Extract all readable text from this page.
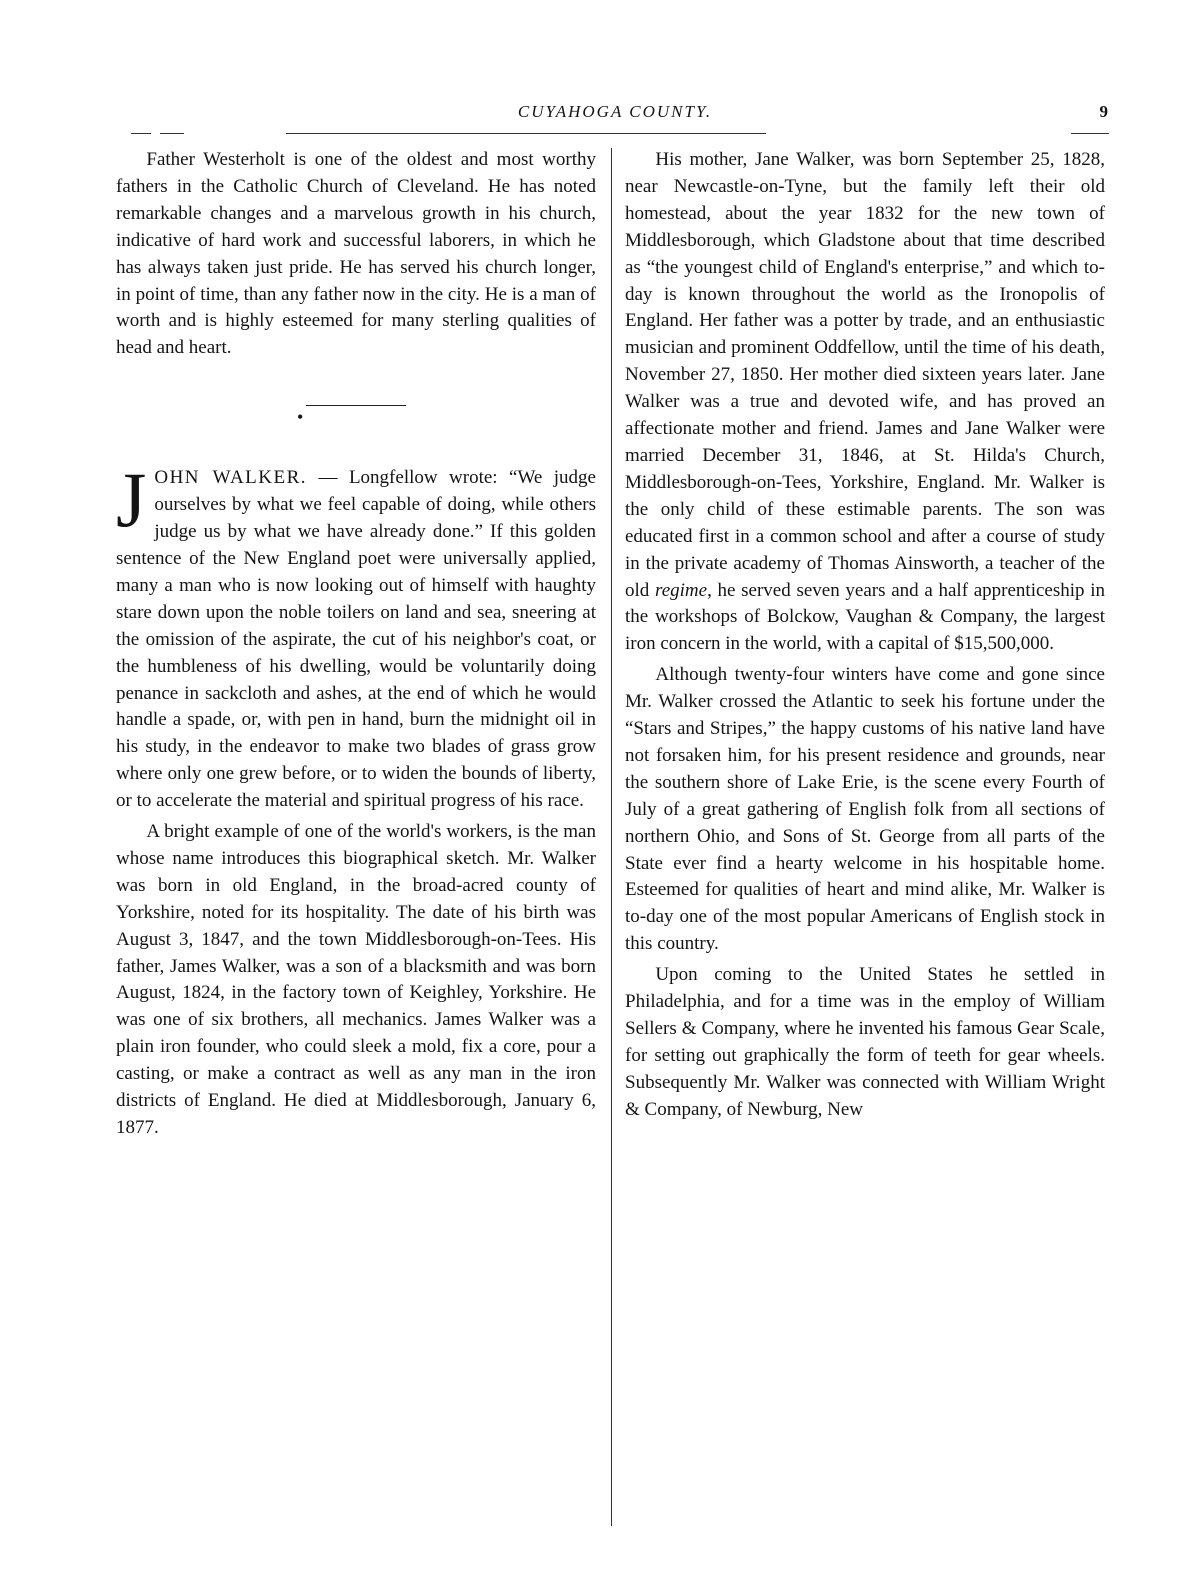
CUYAHOGA COUNTY.	9

Father Westerholt is one of the oldest and most worthy fathers in the Catholic Church of Cleveland. He has noted remarkable changes and a marvelous growth in his church, indicative of hard work and successful laborers, in which he has always taken just pride. He has served his church longer, in point of time, than any father now in the city. He is a man of worth and is highly esteemed for many sterling qualities of head and heart.

•

JOHN WALKER. — Longfellow wrote: “We judge ourselves by what we feel capable of doing, while others judge us by what we have already done.” If this golden sentence of the New England poet were universally applied, many a man who is now looking out of himself with haughty stare down upon the noble toilers on land and sea, sneering at the omission of the aspirate, the cut of his neighbor's coat, or the humbleness of his dwelling, would be voluntarily doing penance in sackcloth and ashes, at the end of which he would handle a spade, or, with pen in hand, burn the midnight oil in his study, in the endeavor to make two blades of grass grow where only one grew before, or to widen the bounds of liberty, or to accelerate the material and spiritual progress of his race.

A bright example of one of the world's workers, is the man whose name introduces this biographical sketch. Mr. Walker was born in old England, in the broad-acred county of Yorkshire, noted for its hospitality. The date of his birth was August 3, 1847, and the town Middlesborough-on-Tees. His father, James Walker, was a son of a blacksmith and was born August, 1824, in the factory town of Keighley, Yorkshire. He was one of six brothers, all mechanics. James Walker was a plain iron founder, who could sleek a mold, fix a core, pour a casting, or make a contract as well as any man in the iron districts of England. He died at Middlesborough, January 6, 1877.

His mother, Jane Walker, was born September 25, 1828, near Newcastle-on-Tyne, but the family left their old homestead, about the year 1832 for the new town of Middlesborough, which Gladstone about that time described as “the youngest child of England's enterprise,” and which to-day is known throughout the world as the Ironopolis of England. Her father was a potter by trade, and an enthusiastic musician and prominent Oddfellow, until the time of his death, November 27, 1850. Her mother died sixteen years later. Jane Walker was a true and devoted wife, and has proved an affectionate mother and friend. James and Jane Walker were married December 31, 1846, at St. Hilda's Church, Middlesborough-on-Tees, Yorkshire, England. Mr. Walker is the only child of these estimable parents. The son was educated first in a common school and after a course of study in the private academy of Thomas Ainsworth, a teacher of the old regime, he served seven years and a half apprenticeship in the workshops of Bolckow, Vaughan & Company, the largest iron concern in the world, with a capital of $15,500,000.

Although twenty-four winters have come and gone since Mr. Walker crossed the Atlantic to seek his fortune under the “Stars and Stripes,” the happy customs of his native land have not forsaken him, for his present residence and grounds, near the southern shore of Lake Erie, is the scene every Fourth of July of a great gathering of English folk from all sections of northern Ohio, and Sons of St. George from all parts of the State ever find a hearty welcome in his hospitable home. Esteemed for qualities of heart and mind alike, Mr. Walker is to-day one of the most popular Americans of English stock in this country.

Upon coming to the United States he settled in Philadelphia, and for a time was in the employ of William Sellers & Company, where he invented his famous Gear Scale, for setting out graphically the form of teeth for gear wheels. Subsequently Mr. Walker was connected with William Wright & Company, of Newburg, New
